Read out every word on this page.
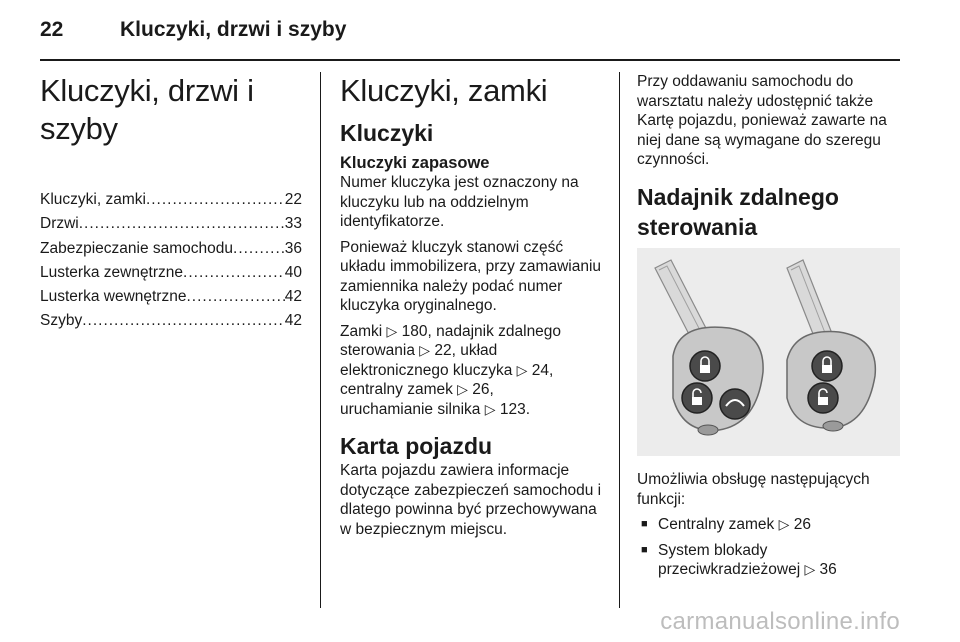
22	Kluczyki, drzwi i szyby
Kluczyki, drzwi i szyby
Kluczyki, zamki .....	22
Drzwi .....	33
Zabezpieczanie samochodu .....	36
Lusterka zewnętrzne .....	40
Lusterka wewnętrzne .....	42
Szyby .....	42
Kluczyki, zamki
Kluczyki
Kluczyki zapasowe

Numer kluczyka jest oznaczony na kluczyku lub na oddzielnym identyfikatorze.

Ponieważ kluczyk stanowi część układu immobilizera, przy zamawianiu zamiennika należy podać numer kluczyka oryginalnego.

Zamki ▷ 180, nadajnik zdalnego
sterowania ▷ 22, układ
elektronicznego kluczyka ▷ 24,
centralny zamek ▷ 26,
uruchamianie silnika ▷ 123.

Karta pojazdu

Karta pojazdu zawiera informacje dotyczące zabezpieczeń samochodu i dlatego powinna być przechowywana w bezpiecznym miejscu.

Przy oddawaniu samochodu do warsztatu należy udostępnić także Kartę pojazdu, ponieważ zawarte na niej dane są wymagane do szeregu czynności.

Nadajnik zdalnego sterowania

Umożliwia obsługę następujących funkcji:

■ Centralny zamek ▷ 26
■ System blokady przeciwkradzieżowej ▷ 36
carmanualsonline.info
